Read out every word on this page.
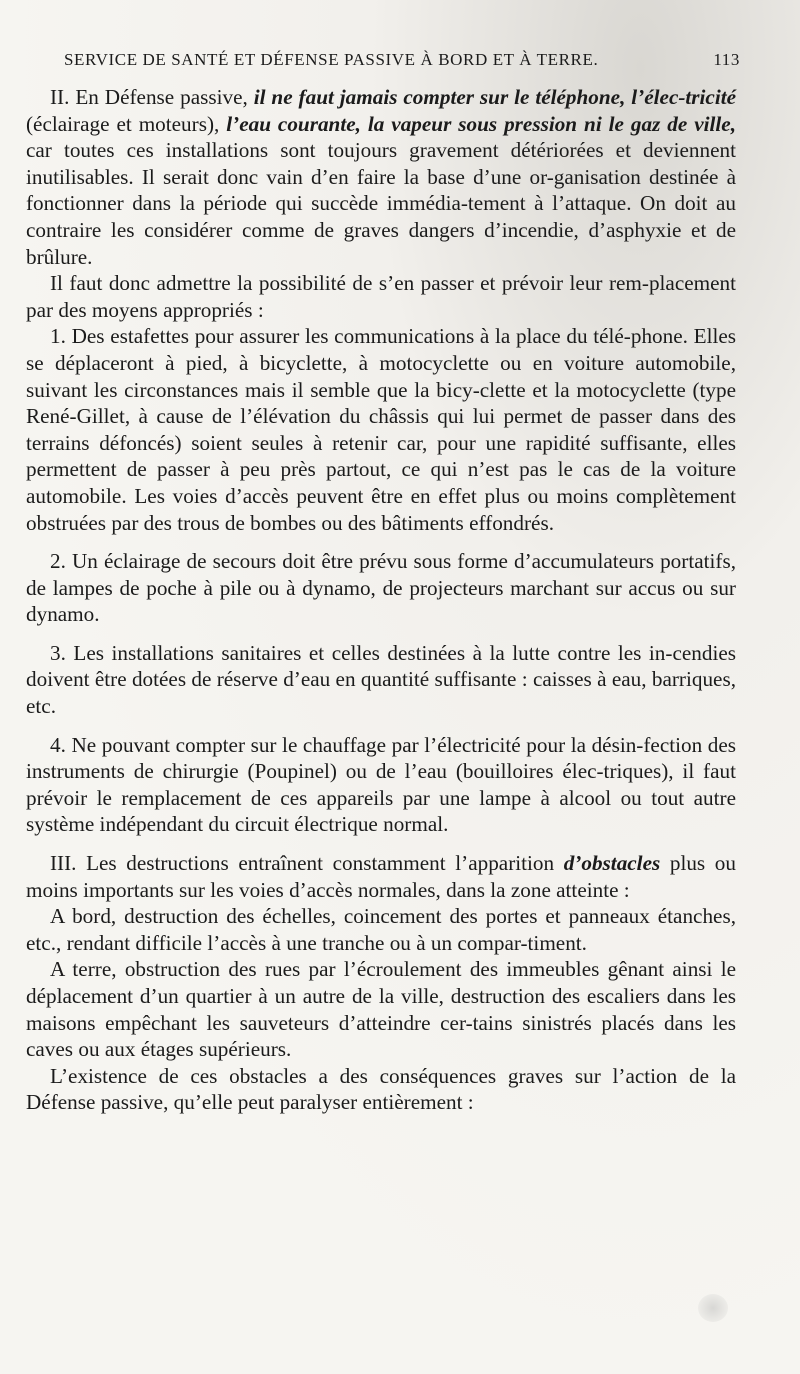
SERVICE DE SANTÉ ET DÉFENSE PASSIVE À BORD ET À TERRE.	113

II. En Défense passive, il ne faut jamais compter sur le téléphone, l’élec-tricité (éclairage et moteurs), l’eau courante, la vapeur sous pression ni le gaz de ville, car toutes ces installations sont toujours gravement détériorées et deviennent inutilisables. Il serait donc vain d’en faire la base d’une or-ganisation destinée à fonctionner dans la période qui succède immédia-tement à l’attaque. On doit au contraire les considérer comme de graves dangers d’incendie, d’asphyxie et de brûlure.

Il faut donc admettre la possibilité de s’en passer et prévoir leur rem-placement par des moyens appropriés :

1. Des estafettes pour assurer les communications à la place du télé-phone. Elles se déplaceront à pied, à bicyclette, à motocyclette ou en voiture automobile, suivant les circonstances mais il semble que la bicy-clette et la motocyclette (type René-Gillet, à cause de l’élévation du châssis qui lui permet de passer dans des terrains défoncés) soient seules à retenir car, pour une rapidité suffisante, elles permettent de passer à peu près partout, ce qui n’est pas le cas de la voiture automobile. Les voies d’accès peuvent être en effet plus ou moins complètement obstruées par des trous de bombes ou des bâtiments effondrés.

2. Un éclairage de secours doit être prévu sous forme d’accumulateurs portatifs, de lampes de poche à pile ou à dynamo, de projecteurs marchant sur accus ou sur dynamo.

3. Les installations sanitaires et celles destinées à la lutte contre les in-cendies doivent être dotées de réserve d’eau en quantité suffisante : caisses à eau, barriques, etc.

4. Ne pouvant compter sur le chauffage par l’électricité pour la désin-fection des instruments de chirurgie (Poupinel) ou de l’eau (bouilloires élec-triques), il faut prévoir le remplacement de ces appareils par une lampe à alcool ou tout autre système indépendant du circuit électrique normal.

III. Les destructions entraînent constamment l’apparition d’obstacles plus ou moins importants sur les voies d’accès normales, dans la zone atteinte :

A bord, destruction des échelles, coincement des portes et panneaux étanches, etc., rendant difficile l’accès à une tranche ou à un compar-timent.

A terre, obstruction des rues par l’écroulement des immeubles gênant ainsi le déplacement d’un quartier à un autre de la ville, destruction des escaliers dans les maisons empêchant les sauveteurs d’atteindre cer-tains sinistrés placés dans les caves ou aux étages supérieurs.

L’existence de ces obstacles a des conséquences graves sur l’action de la Défense passive, qu’elle peut paralyser entièrement :
